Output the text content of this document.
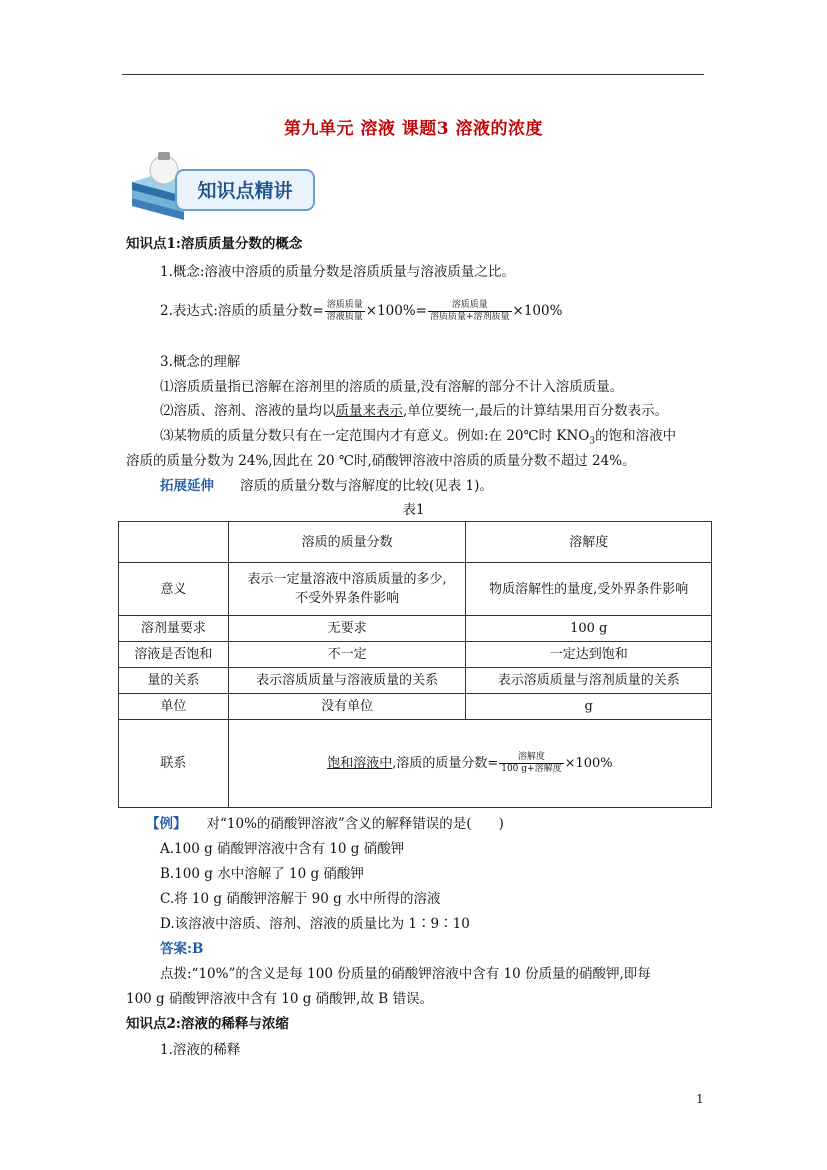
第九单元 溶液 课题3 溶液的浓度
知识点精讲
知识点1:溶质质量分数的概念
1.概念:溶液中溶质的质量分数是溶质质量与溶液质量之比。
2.表达式:溶质的质量分数= $\frac{\text{溶质质量}}{\text{溶液质量}} \times 100\%= \frac{\text{溶质质量}}{\text{溶质质量+溶剂质量}} \times 100\%$
3.概念的理解
⑴溶质质量指已溶解在溶剂里的溶质的质量,没有溶解的部分不计入溶质质量。
⑵溶质、溶剂、溶液的量均以质量来表示,单位要统一,最后的计算结果用百分数表示。
⑶某物质的质量分数只有在一定范围内才有意义。例如:在 20℃时 $KNO_3$的饱和溶液中
溶质的质量分数为 24%,因此在 20 ℃时,硝酸钾溶液中溶质的质量分数不超过 24%。
拓展延伸 溶质的质量分数与溶解度的比较(见表 1)。
表1
	溶质的质量分数	溶解度
意义	表示一定量溶液中溶质质量的多少,
不受外界条件影响	物质溶解性的量度,受外界条件影响
溶剂量要求	无要求	100 g
溶液是否饱和	不一定	一定达到饱和
量的关系	表示溶质质量与溶液质量的关系	表示溶质质量与溶剂质量的关系
单位	没有单位	g
联系	饱和溶液中,溶质的质量分数= $\frac{\text{溶解度}}{\text{100 g+溶解度}} \times 100\%$	
【例】 对“10%的硝酸钾溶液”含义的解释错误的是(　　)
A.100 g 硝酸钾溶液中含有 10 g 硝酸钾
B.100 g 水中溶解了 10 g 硝酸钾
C.将 10 g 硝酸钾溶解于 90 g 水中所得的溶液
D.该溶液中溶质、溶剂、溶液的质量比为 1∶9∶10
答案:B
点拨:“10%”的含义是每 100 份质量的硝酸钾溶液中含有 10 份质量的硝酸钾,即每
100 g 硝酸钾溶液中含有 10 g 硝酸钾,故 B 错误。
知识点2:溶液的稀释与浓缩
1.溶液的稀释
1
